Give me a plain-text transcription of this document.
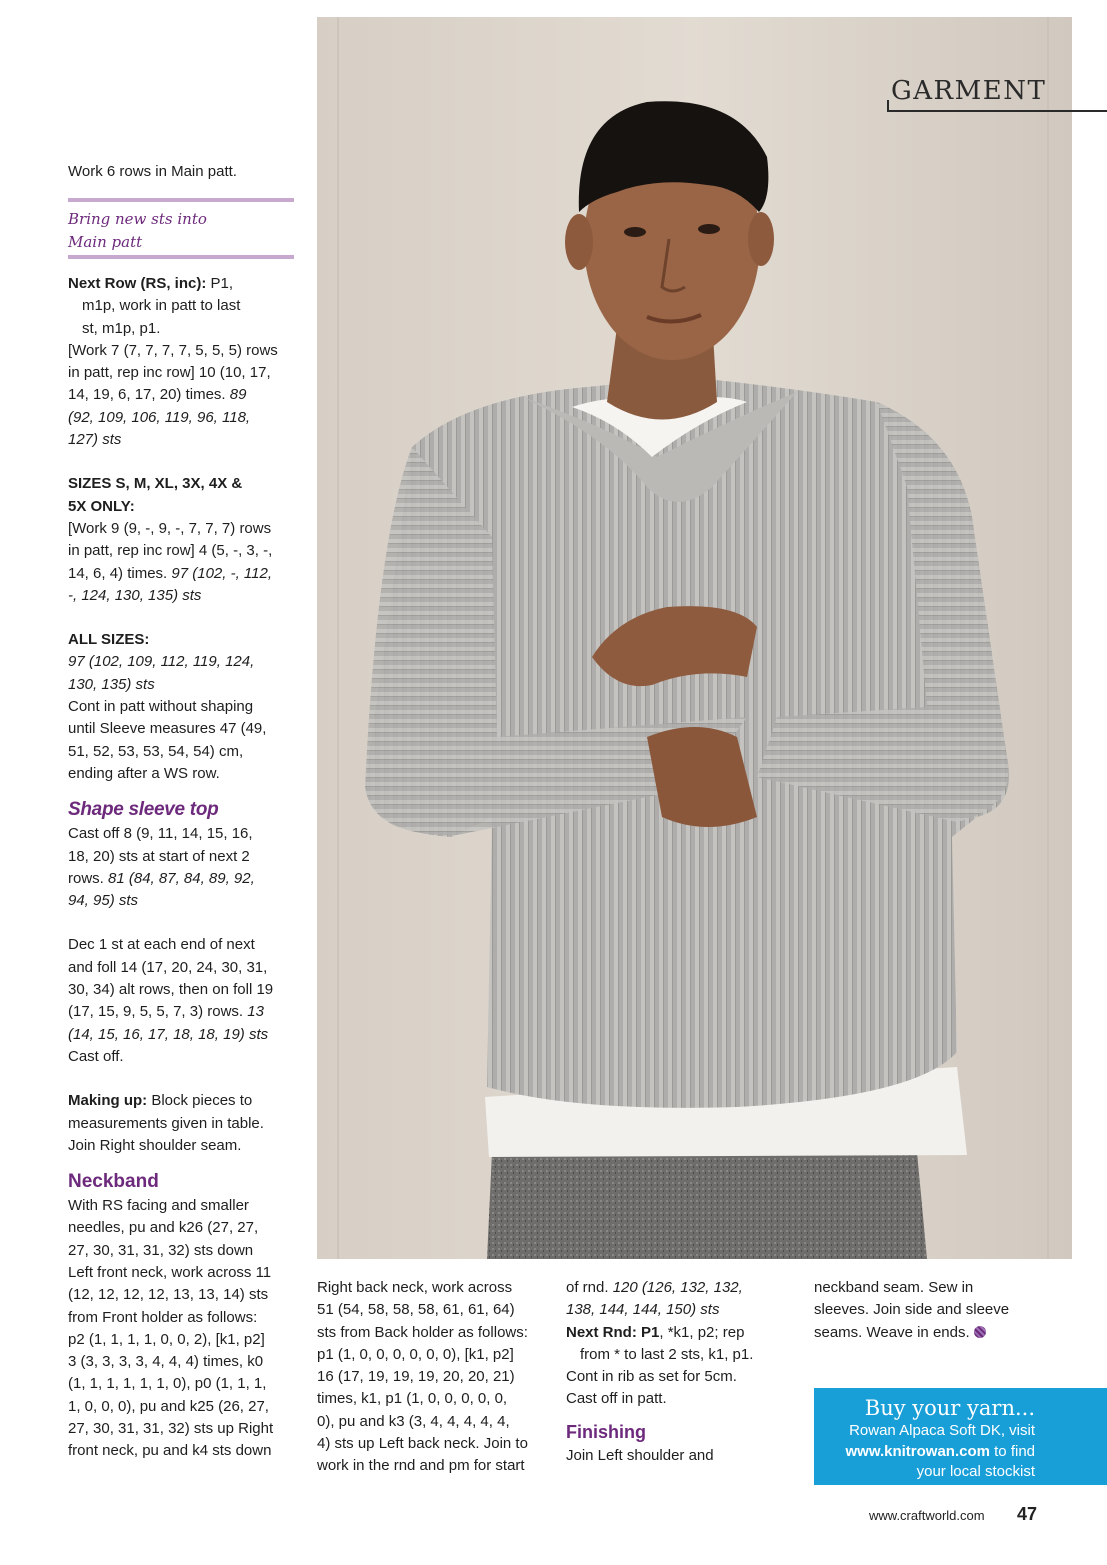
GARMENT

Work 6 rows in Main patt.

Bring new sts into
Main patt

Next Row (RS, inc): P1,

m1p, work in patt to last

st, m1p, p1.

[Work 7 (7, 7, 7, 7, 5, 5, 5) rows

in patt, rep inc row] 10 (10, 17,

14, 19, 6, 17, 20) times. 89

(92, 109, 106, 119, 96, 118,

127) sts

SIZES S, M, XL, 3X, 4X &

5X ONLY:

[Work 9 (9, -, 9, -, 7, 7, 7) rows

in patt, rep inc row] 4 (5, -, 3, -,

14, 6, 4) times. 97 (102, -, 112,

-, 124, 130, 135) sts

ALL SIZES:

97 (102, 109, 112, 119, 124,

130, 135) sts

Cont in patt without shaping

until Sleeve measures 47 (49,

51, 52, 53, 53, 54, 54) cm,

ending after a WS row.

Shape sleeve top

Cast off 8 (9, 11, 14, 15, 16,

18, 20) sts at start of next 2

rows. 81 (84, 87, 84, 89, 92,

94, 95) sts

Dec 1 st at each end of next

and foll 14 (17, 20, 24, 30, 31,

30, 34) alt rows, then on foll 19

(17, 15, 9, 5, 5, 7, 3) rows. 13

(14, 15, 16, 17, 18, 18, 19) sts

Cast off.

Making up: Block pieces to

measurements given in table.

Join Right shoulder seam.

Neckband

With RS facing and smaller

needles, pu and k26 (27, 27,

27, 30, 31, 31, 32) sts down

Left front neck, work across 11

(12, 12, 12, 12, 13, 13, 14) sts

from Front holder as follows:

p2 (1, 1, 1, 1, 0, 0, 2), [k1, p2]

3 (3, 3, 3, 3, 4, 4, 4) times, k0

(1, 1, 1, 1, 1, 1, 0), p0 (1, 1, 1,

1, 0, 0, 0), pu and k25 (26, 27,

27, 30, 31, 31, 32) sts up Right

front neck, pu and k4 sts down

Right back neck, work across

51 (54, 58, 58, 58, 61, 61, 64)

sts from Back holder as follows:

p1 (1, 0, 0, 0, 0, 0, 0), [k1, p2]

16 (17, 19, 19, 19, 20, 20, 21)

times, k1, p1 (1, 0, 0, 0, 0, 0,

0), pu and k3 (3, 4, 4, 4, 4, 4,

4) sts up Left back neck. Join to

work in the rnd and pm for start

of rnd. 120 (126, 132, 132,

138, 144, 144, 150) sts

Next Rnd: P1, *k1, p2; rep

from * to last 2 sts, k1, p1.

Cont in rib as set for 5cm.

Cast off in patt.

Finishing

Join Left shoulder and

neckband seam. Sew in

sleeves. Join side and sleeve

seams. Weave in ends.

Buy your yarn...
Rowan Alpaca Soft DK, visit
www.knitrowan.com to find
your local stockist
www.craftworld.com 47
